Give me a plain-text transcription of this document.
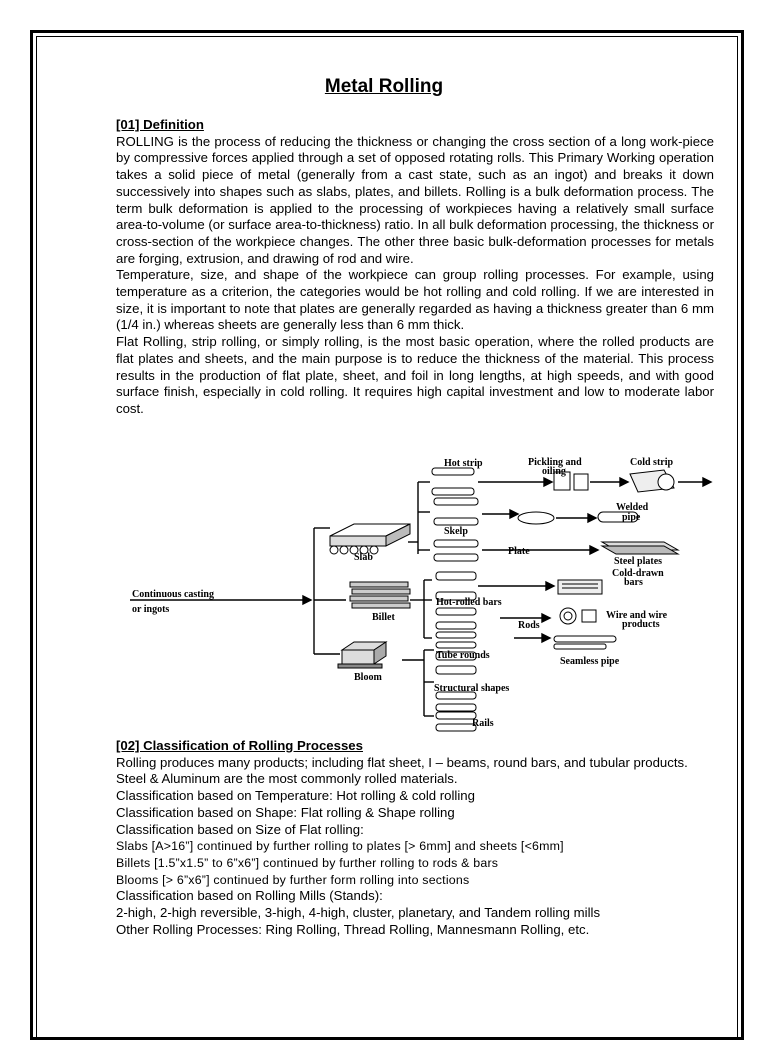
Metal Rolling
[01] Definition

ROLLING is the process of reducing the thickness or changing the cross section of a long work-piece by compressive forces applied through a set of opposed rotating rolls. This Primary Working operation takes a solid piece of metal (generally from a cast state, such as an ingot) and breaks it down successively into shapes such as slabs, plates, and billets. Rolling is a bulk deformation process. The term bulk deformation is applied to the processing of workpieces having a relatively small surface area-to-volume (or surface area-to-thickness) ratio. In all bulk deformation processing, the thickness or cross-section of the workpiece changes. The other three basic bulk-deformation processes for metals are forging, extrusion, and drawing of rod and wire.

Temperature, size, and shape of the workpiece can group rolling processes. For example, using temperature as a criterion, the categories would be hot rolling and cold rolling. If we are interested in size, it is important to note that plates are generally regarded as having a thickness greater than 6 mm (1/4 in.) whereas sheets are generally less than 6 mm thick.

Flat Rolling, strip rolling, or simply rolling, is the most basic operation, where the rolled products are flat plates and sheets, and the main purpose is to reduce the thickness of the material. This process results in the production of flat plate, sheet, and foil in long lengths, at high speeds, and with good surface finish, especially in cold rolling. It requires high capital investment and low to moderate labor cost.

Continuous casting
or ingots
Slab
Billet
Bloom
Hot strip	Pickling and
oiling
Cold strip
Welded
pipe
Skelp
Plate
Steel plates
Cold-drawn
bars
Hot-rolled bars
Rods
Wire and wire
products
Tube rounds
Seamless pipe
Structural shapes
Rails
[02] Classification of Rolling Processes

Rolling produces many products; including flat sheet, I – beams, round bars, and tubular products. Steel & Aluminum are the most commonly rolled materials.

Classification based on Temperature: Hot rolling & cold rolling
Classification based on Shape: Flat rolling & Shape rolling
Classification based on Size of Flat rolling:
Slabs [A>16”] continued by further rolling to plates [> 6mm] and sheets [<6mm]
Billets [1.5”x1.5” to 6”x6”] continued by further rolling to rods & bars
Blooms [> 6”x6”] continued by further form rolling into sections
Classification based on Rolling Mills (Stands):
2-high, 2-high reversible, 3-high, 4-high, cluster, planetary, and Tandem rolling mills
Other Rolling Processes: Ring Rolling, Thread Rolling, Mannesmann Rolling, etc.
